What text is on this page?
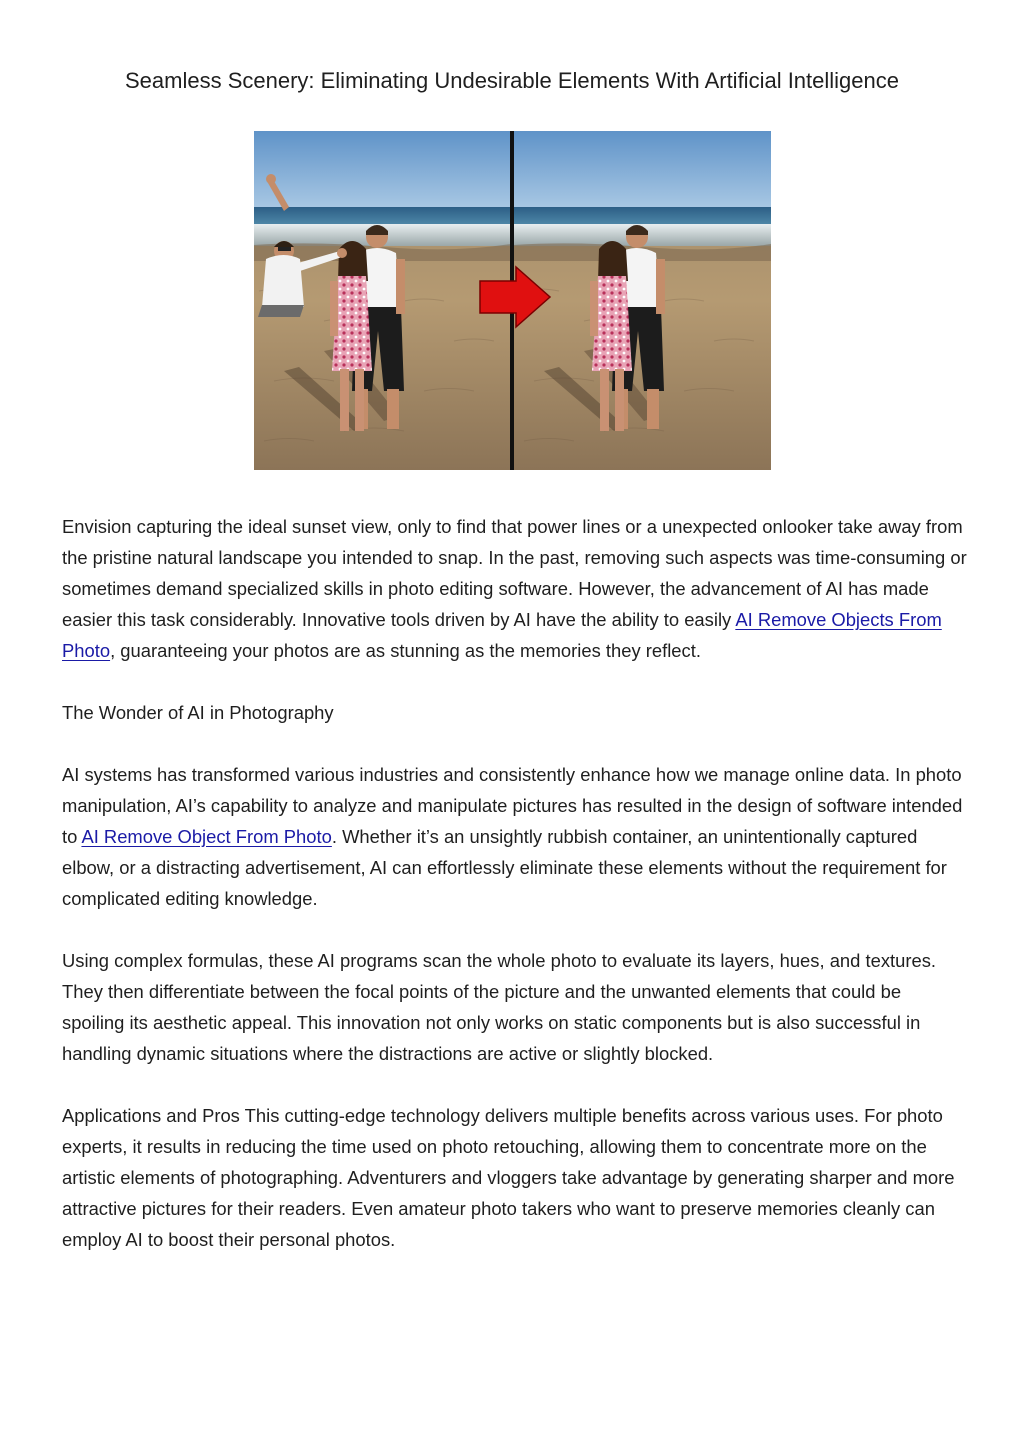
Seamless Scenery: Eliminating Undesirable Elements With Artificial Intelligence

Envision capturing the ideal sunset view, only to find that power lines or a unexpected onlooker take away from the pristine natural landscape you intended to snap. In the past, removing such aspects was time-consuming or sometimes demand specialized skills in photo editing software. However, the advancement of AI has made easier this task considerably. Innovative tools driven by AI have the ability to easily AI Remove Objects From Photo, guaranteeing your photos are as stunning as the memories they reflect.

The Wonder of AI in Photography

AI systems has transformed various industries and consistently enhance how we manage online data. In photo manipulation, AI’s capability to analyze and manipulate pictures has resulted in the design of software intended to AI Remove Object From Photo. Whether it’s an unsightly rubbish container, an unintentionally captured elbow, or a distracting advertisement, AI can effortlessly eliminate these elements without the requirement for complicated editing knowledge.

Using complex formulas, these AI programs scan the whole photo to evaluate its layers, hues, and textures. They then differentiate between the focal points of the picture and the unwanted elements that could be spoiling its aesthetic appeal. This innovation not only works on static components but is also successful in handling dynamic situations where the distractions are active or slightly blocked.

Applications and Pros This cutting-edge technology delivers multiple benefits across various uses. For photo experts, it results in reducing the time used on photo retouching, allowing them to concentrate more on the artistic elements of photographing. Adventurers and vloggers take advantage by generating sharper and more attractive pictures for their readers. Even amateur photo takers who want to preserve memories cleanly can employ AI to boost their personal photos.
